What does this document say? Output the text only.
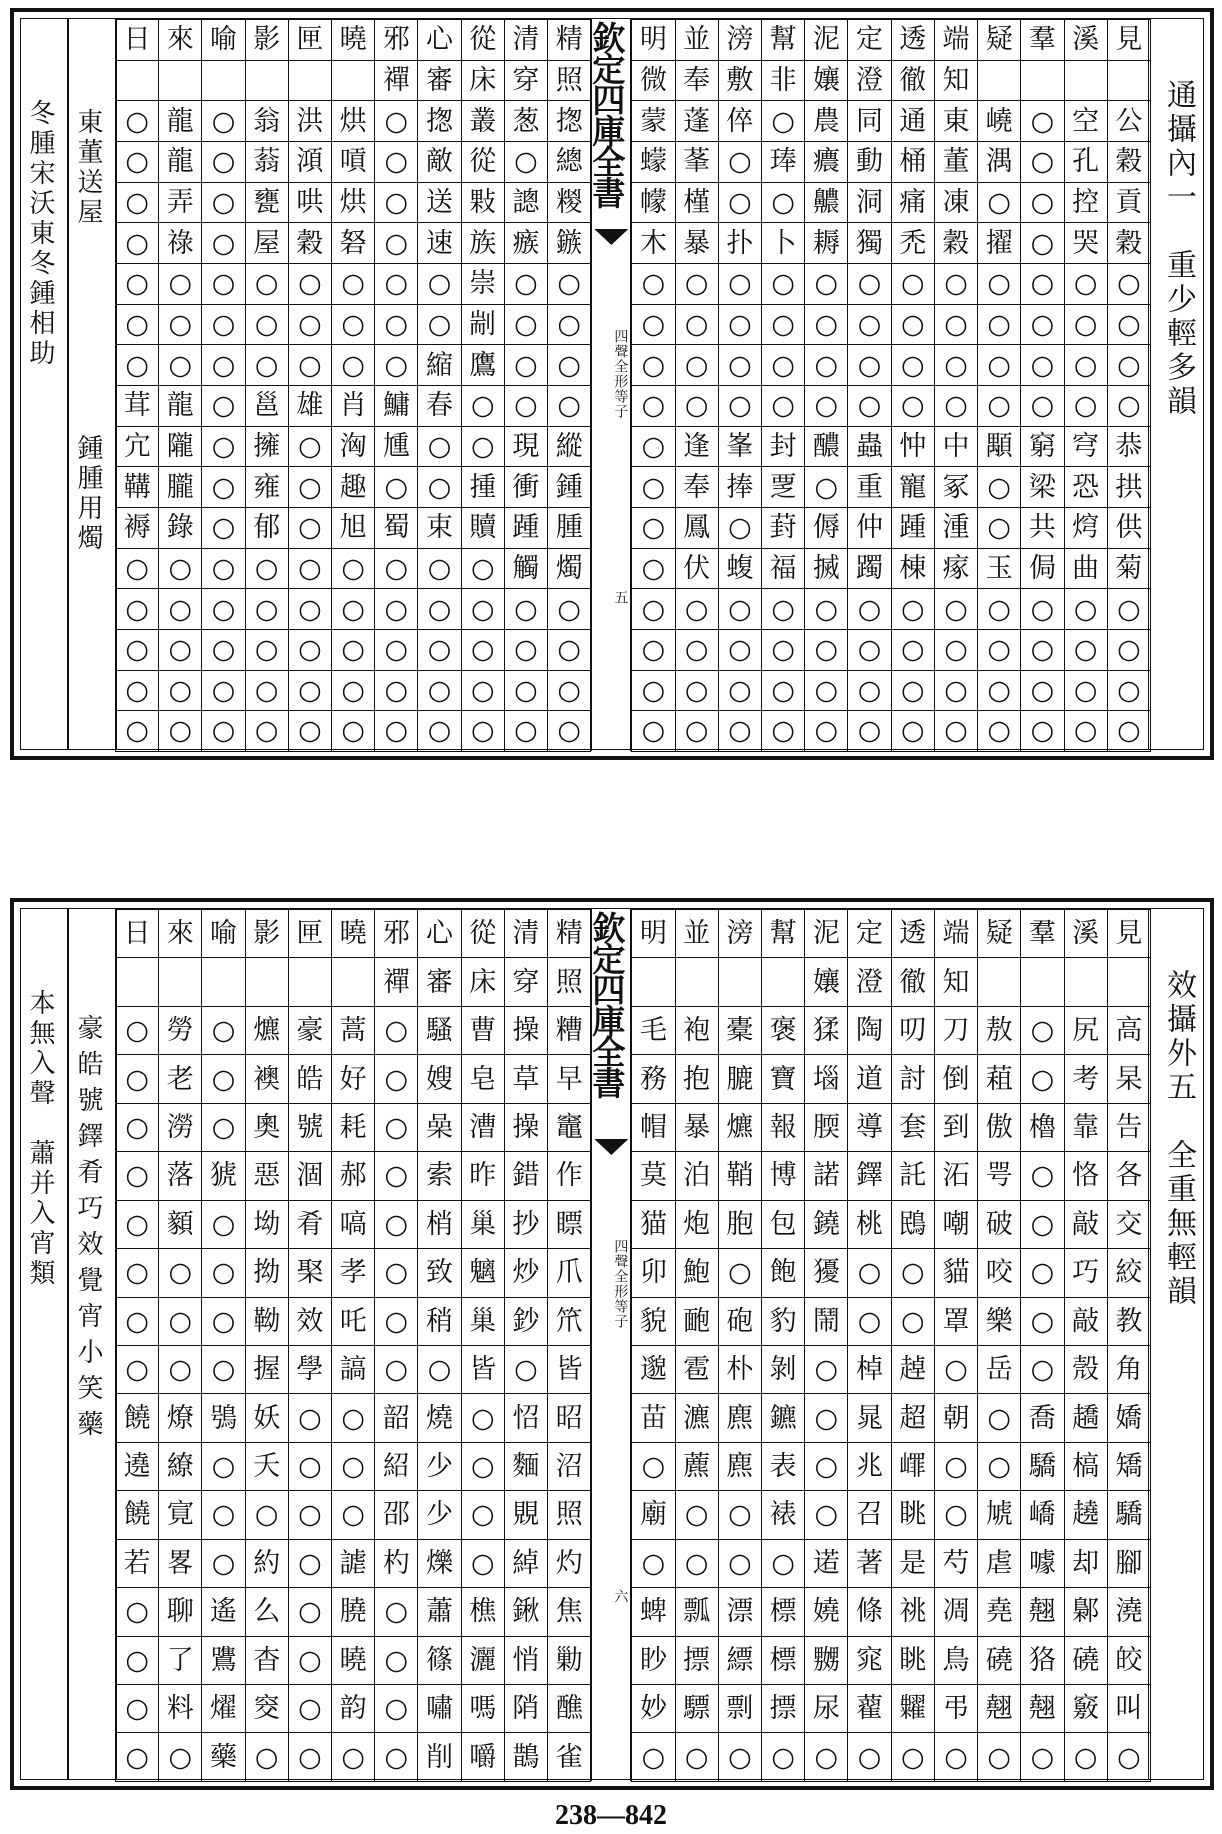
通攝內一　重少輕多韻
冬腫宋沃東冬鍾相助 東董送屋
鍾腫用燭
日	來	喻	影	匣	曉	邪	心	從	清	精
						禪	審	床	穿	照
○	龍	○	翁	洪	烘	○	揔	叢	葱	揔
○	龍	○	蓊	澒	嗊	○	敵	從	○	總
○	弄	○	甕	哄	烘	○	送	敤	謥	糉
○	祿	○	屋	穀	砮	○	速	族	瘯	鏃
○	○	○	○	○	○	○	○	崇	○	○
○	○	○	○	○	○	○	○	剬	○	○
○	○	○	○	○	○	○	縮	鷹	○	○
茸	龍	○	邕	雄	肖	鱅	春	○	○	○
宂	隴	○	擁	○	洶	尰	○	○	現	縱
鞲	朧	○	雍	○	趣	○	○	揰	衝	鍾
褥	錄	○	郁	○	旭	蜀	束	贖	踵	腫
○	○	○	○	○	○	○	○	○	觸	燭
○	○	○	○	○	○	○	○	○	○	○
○	○	○	○	○	○	○	○	○	○	○
○	○	○	○	○	○	○	○	○	○	○
○	○	○	○	○	○	○	○	○	○	○
明	並	滂	幫	泥	定	透	端	疑	羣	溪	見
微	奉	敷	非	孃	澄	徹	知				
蒙	蓬	倅	○	農	同	通	東	嶢	○	空	公
蠓	莑	○	琫	癑	動	桶	董	湡	○	孔	穀
幪	槿	○	○	齈	洞	痛	凍	○	○	控	貢
木	暴	扑	卜	耨	獨	禿	穀	擢	○	哭	穀
○	○	○	○	○	○	○	○	○	○	○	○
○	○	○	○	○	○	○	○	○	○	○	○
○	○	○	○	○	○	○	○	○	○	○	○
○	○	○	○	○	○	○	○	○	○	○	○
○	逢	峯	封	醲	蟲	忡	中	顒	窮	穹	恭
○	奉	捧	覂	○	重	寵	冢	○	梁	恐	拱
○	鳳	○	葑	傉	仲	踵	湩	○	共	焪	供
○	伏	蝮	福	搣	躅	棟	瘃	玉	侷	曲	菊
○	○	○	○	○	○	○	○	○	○	○	○
○	○	○	○	○	○	○	○	○	○	○	○
○	○	○	○	○	○	○	○	○	○	○	○
○	○	○	○	○	○	○	○	○	○	○	○
欽定四庫全書
四聲全形等子
五
效攝外五　全重無輕韻
本無入聲　蕭并入宵類 豪皓號鐸肴巧效覺宵小笑藥
日	來	喻	影	匣	曉	邪	心	從	清	精
						禪	審	床	穿	照
○	勞	○	爊	豪	蒿	○	騷	曹	操	糟
○	老	○	襖	皓	好	○	嫂	皂	草	早
○	澇	○	奧	號	耗	○	喿	漕	操	竈
○	落	猇	惡	涸	郝	○	索	昨	錯	作
○	顡	○	坳	肴	嗃	○	梢	巢	抄	瞟
○	○	○	拗	棸	孝	○	致	魑	炒	爪
○	○	○	靿	效	吒	○	稍	巢	鈔	笊
○	○	○	握	學	謞	○	○	皆	○	皆
饒	燎	鴞	妖	○	○	韶	燒	○	怊	昭
遶	繚	○	夭	○	○	紹	少	○	麵	沼
饒	㝟	○	○	○	○	邵	少	○	覞	照
若	畧	○	約	○	謔	杓	爍	○	綽	灼
○	聊	遙	么	○	膮	○	蕭	樵	鍬	焦
○	了	鷕	杳	○	曉	○	篠	灑	悄	勦
○	料	燿	窔	○	韵	○	嘯	嗎	陗	醮
○	○	藥	○	○	○	○	削	嚼	鵲	雀
明	並	滂	幫	泥	定	透	端	疑	羣	溪	見
				孃	澄	徹	知				
毛	袍	橐	褒	猱	陶	叨	刀	敖	○	尻	高
務	抱	膔	寶	堖	道	討	倒	蒩	○	考	杲
帽	暴	爊	報	腝	導	套	到	傲	櫓	靠	告
莫	泊	鞘	博	諾	鐸	託	沰	咢	○	恪	各
猫	炮	胞	包	鐃	桃	鴖	嘲	破	○	敲	交
卯	鮑	○	飽	獶	○	○	貓	咬	○	巧	絞
貌	靤	砲	豹	鬧	○	○	罩	樂	○	敲	教
邈	雹	朴	剝	○	棹	趠	○	岳	○	殼	角
苗	瀌	麃	鑣	○	晁	超	朝	○	喬	趫	嬌
○	藨	麃	表	○	兆	嶵	○	○	驕	槁	矯
廟	○	○	裱	○	召	眺	○	虓	嶠	趬	驕
○	○	○	○	逽	著	是	芍	虐	噱	却	腳
蜱	瓢	漂	標	嬈	條	祧	凋	堯	翹	鄡	澆
眇	摽	縹	標	嬲	窕	眺	鳥	磽	狢	磽	皎
妙	驃	剽	摽	尿	藋	糶	弔	翹	翹	竅	叫
○	○	○	○	○	○	○	○	○	○	○	○
欽定四庫全書
四聲全形等子
六
238—842
